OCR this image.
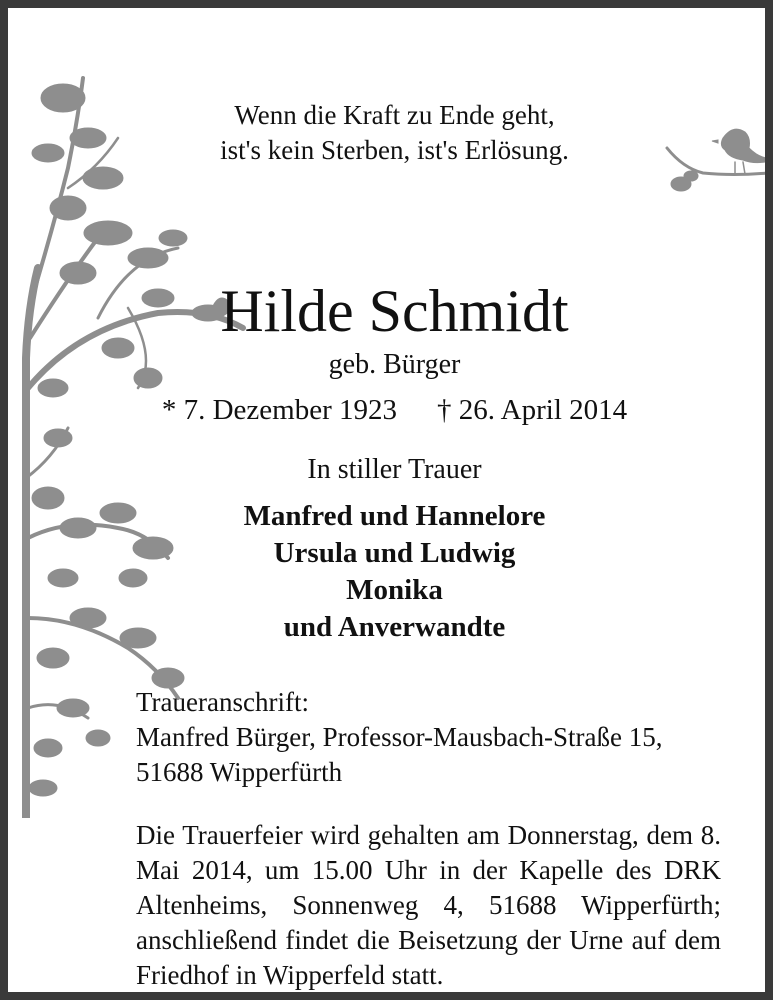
Wenn die Kraft zu Ende geht,
ist's kein Sterben, ist's Erlösung.
Hilde Schmidt
geb. Bürger
* 7. Dezember 1923 † 26. April 2014
In stiller Trauer
Manfred und Hannelore
Ursula und Ludwig
Monika
und Anverwandte
Traueranschrift:
Manfred Bürger, Professor-Mausbach-Straße 15,
51688 Wipperfürth
Die Trauerfeier wird gehalten am Donnerstag, dem 8. Mai 2014, um 15.00 Uhr in der Kapelle des DRK Altenheims, Sonnenweg 4, 51688 Wipperfürth; anschließend findet die Beisetzung der Urne auf dem Friedhof in Wipperfeld statt.
